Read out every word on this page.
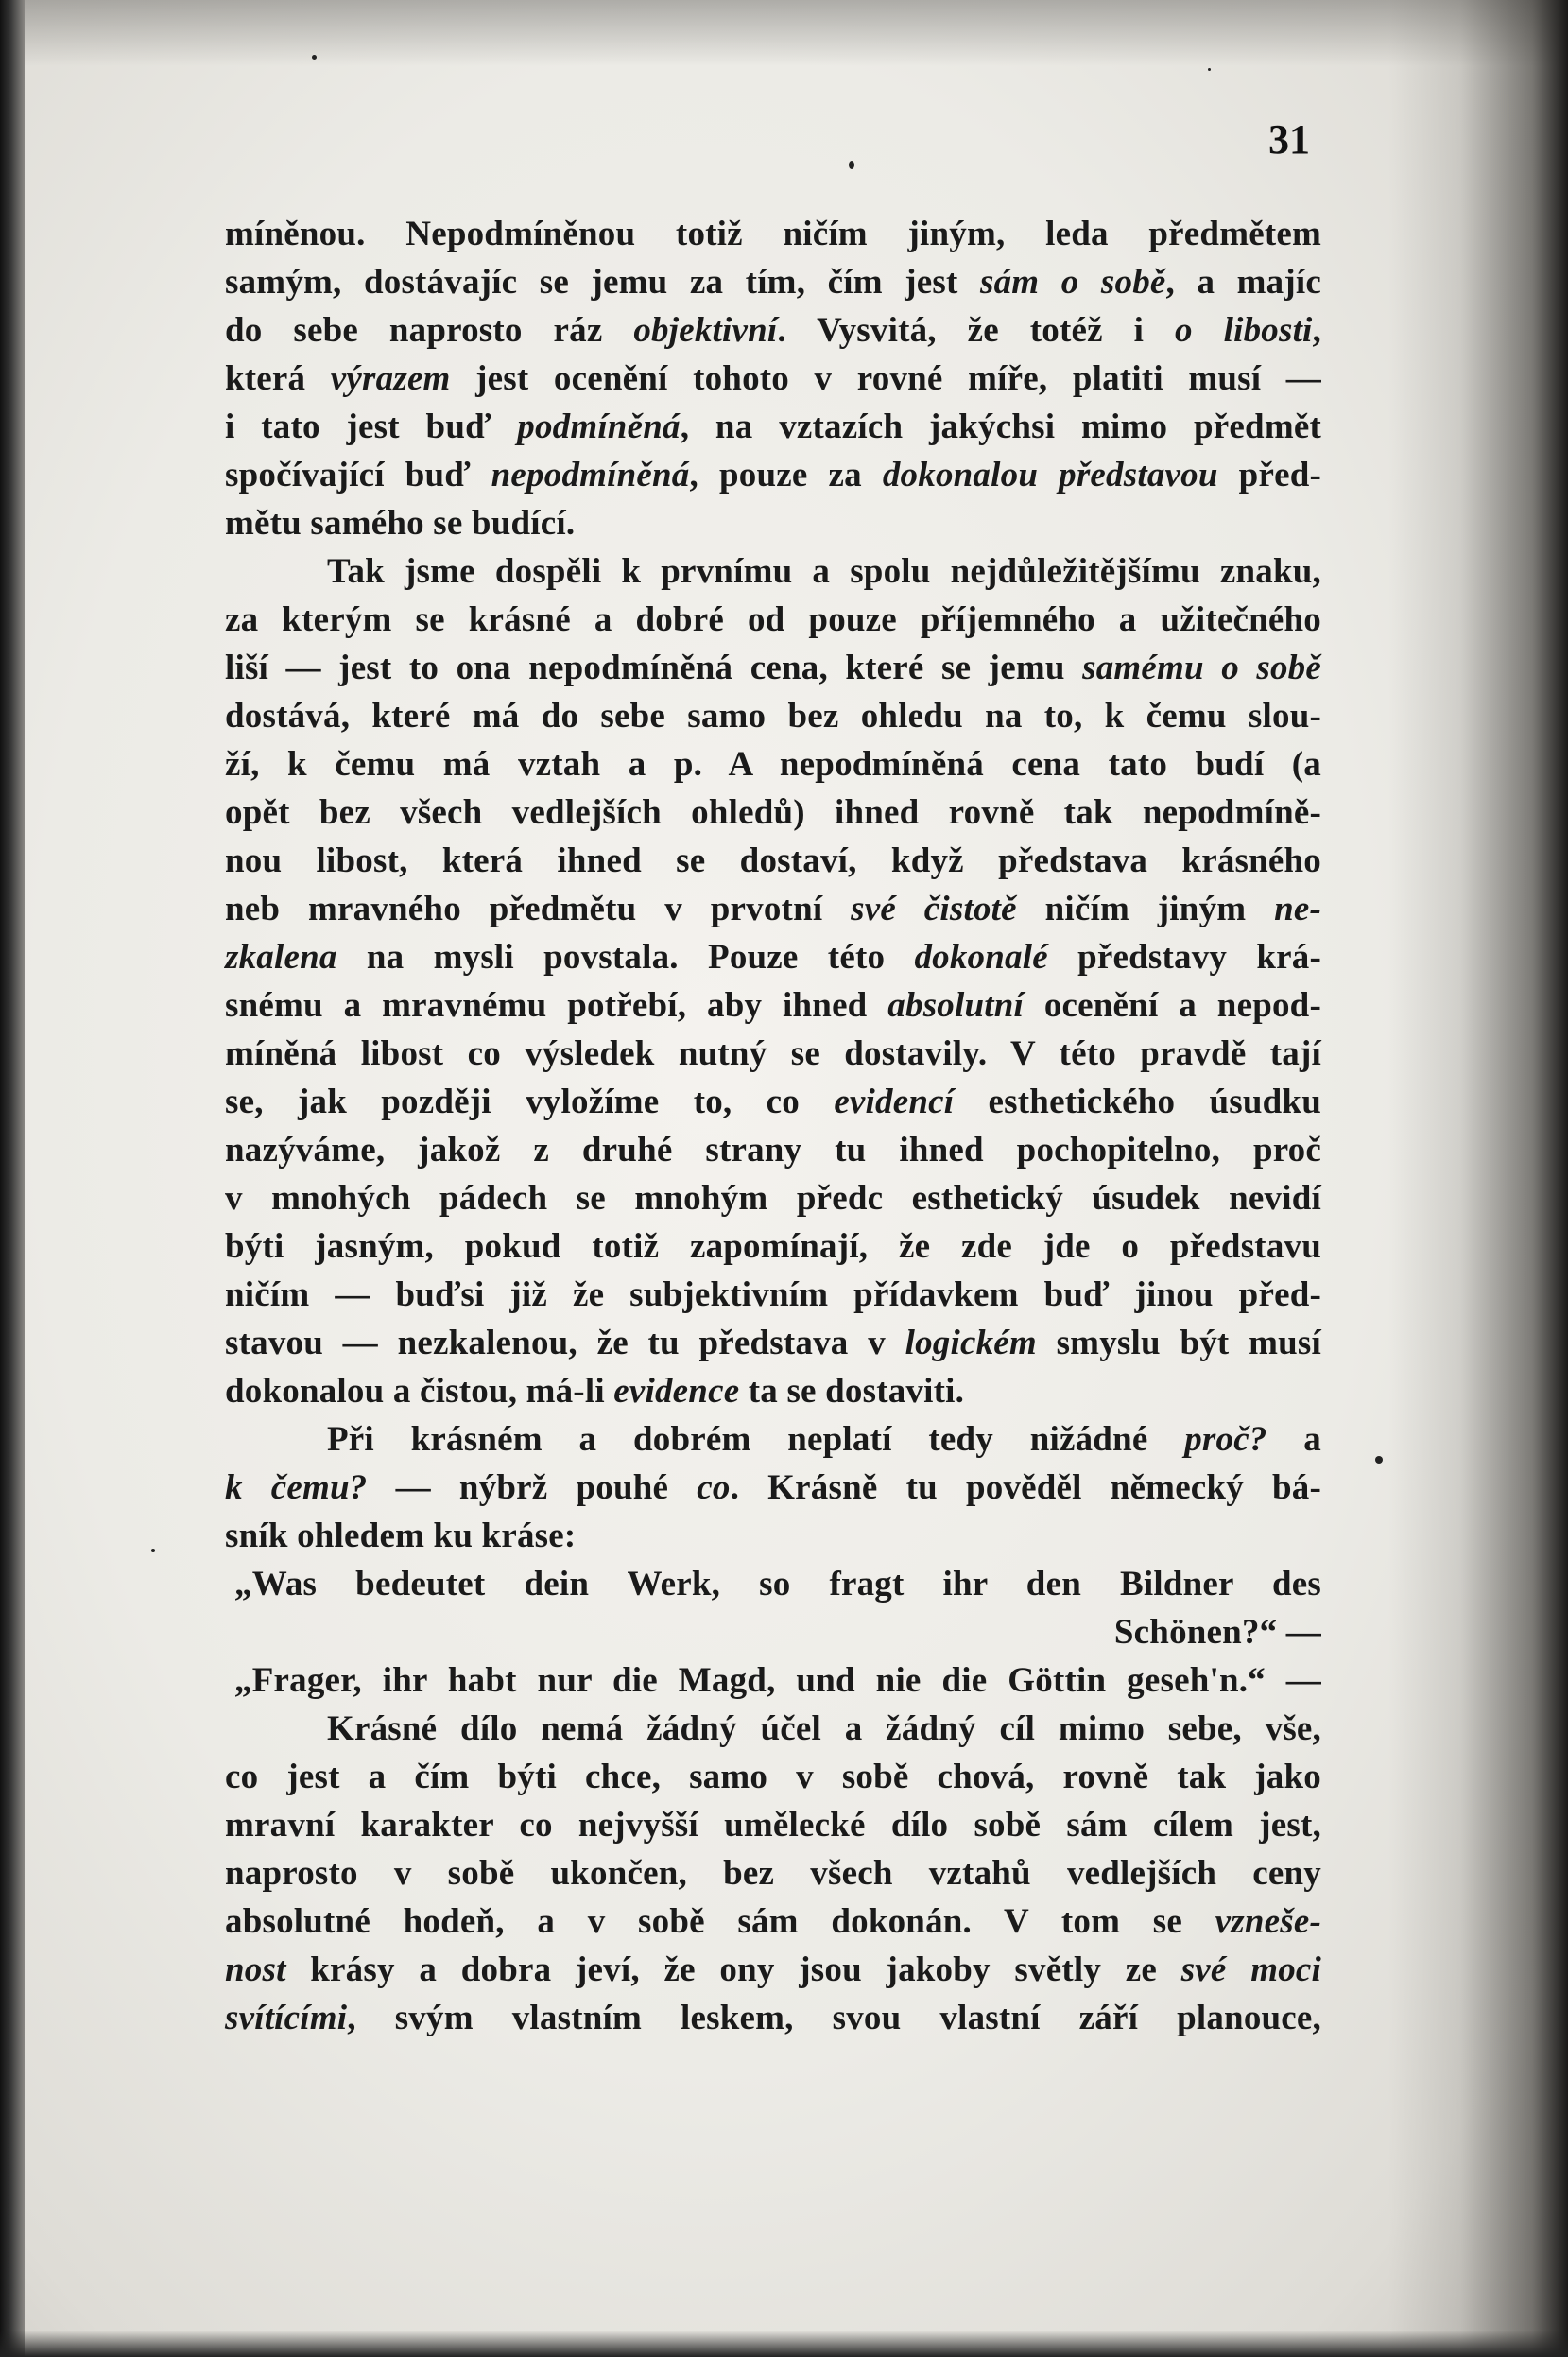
31
míněnou. Nepodmíněnou totiž ničím jiným, leda předmětem
samým, dostávajíc se jemu za tím, čím jest sám o sobě, a majíc
do sebe naprosto ráz objektivní. Vysvitá, že totéž i o libosti,
která výrazem jest ocenění tohoto v rovné míře, platiti musí —
i tato jest buď podmíněná, na vztazích jakýchsi mimo předmět
spočívající buď nepodmíněná, pouze za dokonalou představou před-
mětu samého se budící.
Tak jsme dospěli k prvnímu a spolu nejdůležitějšímu znaku,
za kterým se krásné a dobré od pouze příjemného a užitečného
liší — jest to ona nepodmíněná cena, které se jemu samému o sobě
dostává, které má do sebe samo bez ohledu na to, k čemu slou-
ží, k čemu má vztah a p. A nepodmíněná cena tato budí (a
opět bez všech vedlejších ohledů) ihned rovně tak nepodmíně-
nou libost, která ihned se dostaví, když představa krásného
neb mravného předmětu v prvotní své čistotě ničím jiným ne-
zkalena na mysli povstala. Pouze této dokonalé představy krá-
snému a mravnému potřebí, aby ihned absolutní ocenění a nepod-
míněná libost co výsledek nutný se dostavily. V této pravdě tají
se, jak později vyložíme to, co evidencí esthetického úsudku
nazýváme, jakož z druhé strany tu ihned pochopitelno, proč
v mnohých pádech se mnohým předc esthetický úsudek nevidí
býti jasným, pokud totiž zapomínají, že zde jde o představu
ničím — buďsi již že subjektivním přídavkem buď jinou před-
stavou — nezkalenou, že tu představa v logickém smyslu být musí
dokonalou a čistou, má-li evidence ta se dostaviti.
Při krásném a dobrém neplatí tedy nižádné proč? a
k čemu? — nýbrž pouhé co. Krásně tu pověděl německý bá-
sník ohledem ku kráse:
„Was bedeutet dein Werk, so fragt ihr den Bildner des
Schönen?“ —
„Frager, ihr habt nur die Magd, und nie die Göttin geseh'n.“ —
Krásné dílo nemá žádný účel a žádný cíl mimo sebe, vše,
co jest a čím býti chce, samo v sobě chová, rovně tak jako
mravní karakter co nejvyšší umělecké dílo sobě sám cílem jest,
naprosto v sobě ukončen, bez všech vztahů vedlejších ceny
absolutné hodeň, a v sobě sám dokonán. V tom se vzneše-
nost krásy a dobra jeví, že ony jsou jakoby světly ze své moci
svítícími, svým vlastním leskem, svou vlastní září planouce,
